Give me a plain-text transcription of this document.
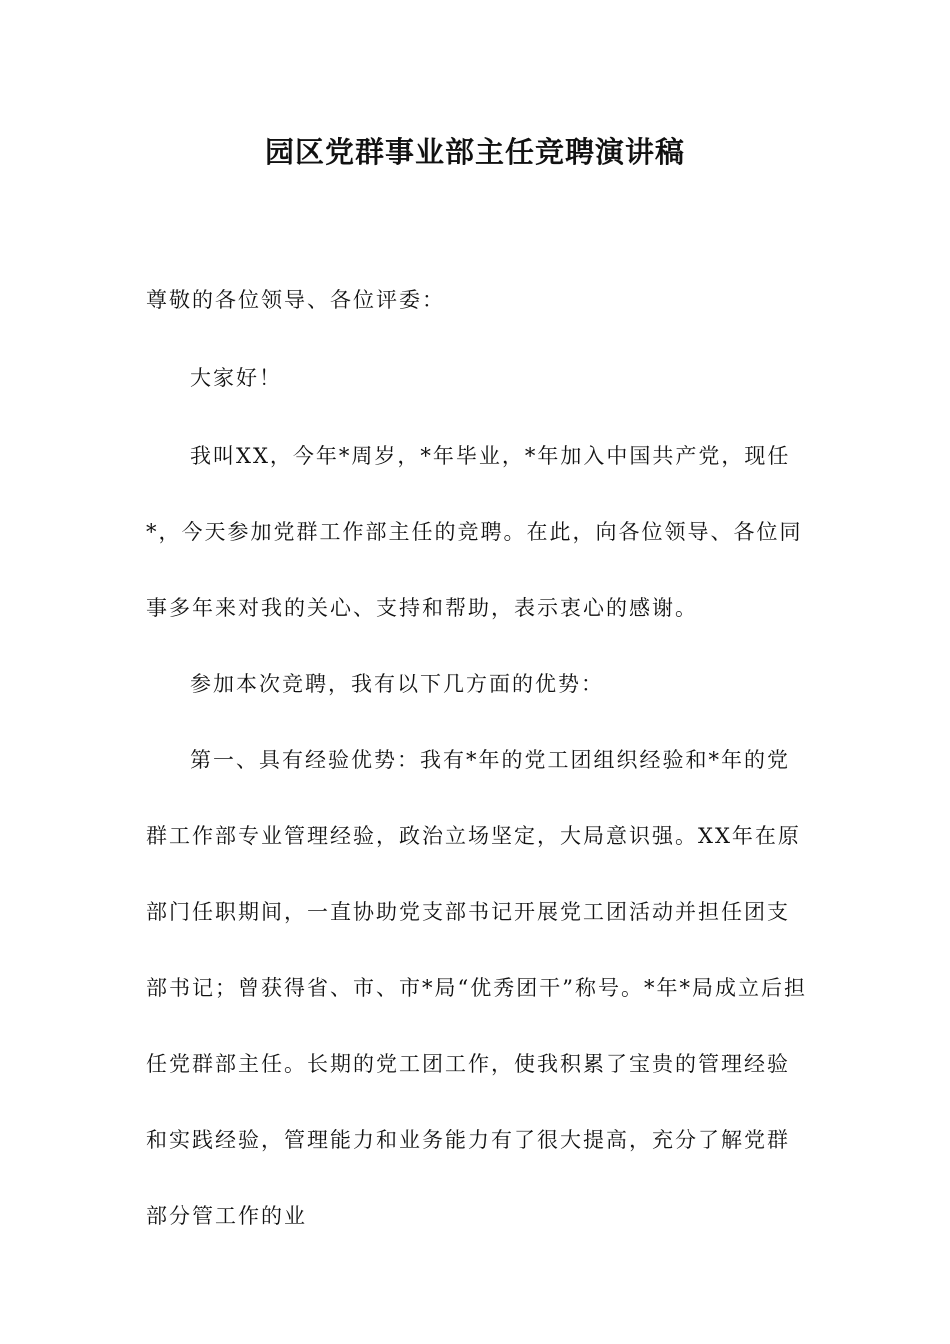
园区党群事业部主任竞聘演讲稿

尊敬的各位领导、各位评委：

大家好！

我叫XX，今年*周岁，*年毕业，*年加入中国共产党，现任*，今天参加党群工作部主任的竞聘。在此，向各位领导、各位同事多年来对我的关心、支持和帮助，表示衷心的感谢。

参加本次竞聘，我有以下几方面的优势：

第一、具有经验优势：我有*年的党工团组织经验和*年的党群工作部专业管理经验，政治立场坚定，大局意识强。XX年在原部门任职期间，一直协助党支部书记开展党工团活动并担任团支部书记；曾获得省、市、市*局“优秀团干”称号。*年*局成立后担任党群部主任。长期的党工团工作，使我积累了宝贵的管理经验和实践经验，管理能力和业务能力有了很大提高，充分了解党群部分管工作的业
